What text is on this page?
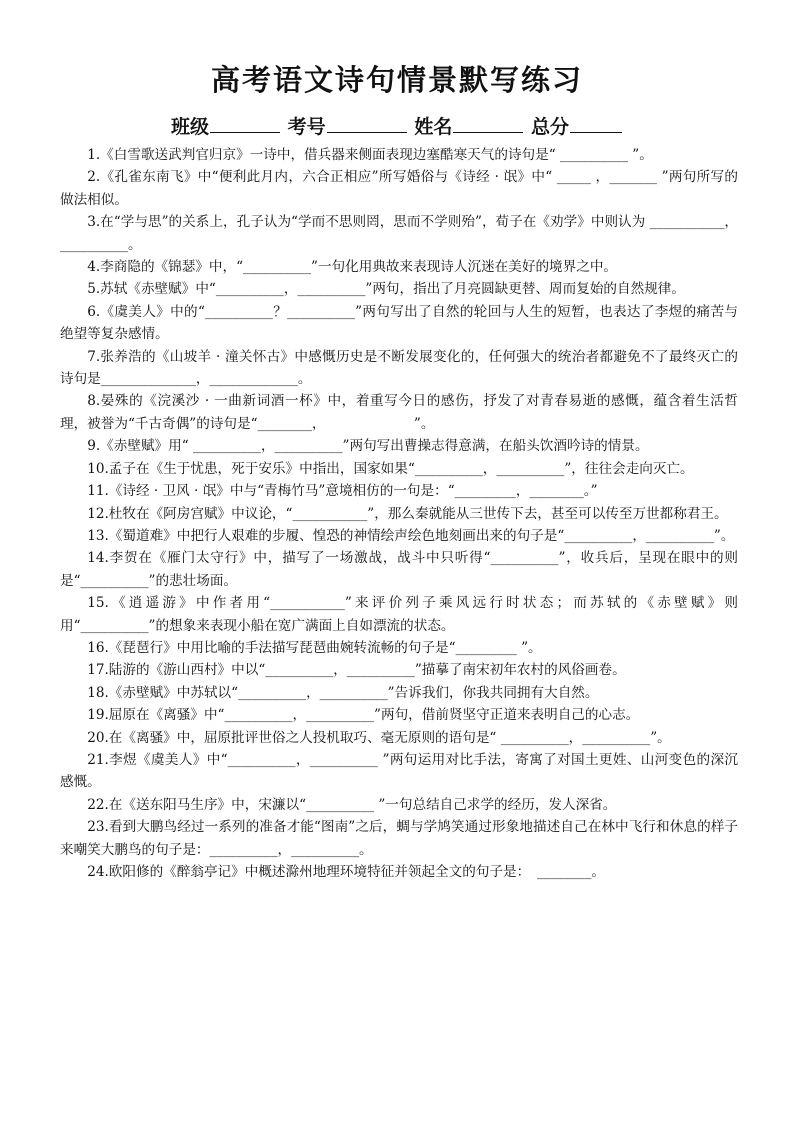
高考语文诗句情景默写练习
班级	考号	姓名	总分

1.《白雪歌送武判官归京》一诗中，借兵器来侧面表现边塞酷寒天气的诗句是“ __________ ”。

2.《孔雀东南飞》中“便利此月内，六合正相应”所写婚俗与《诗经 · 氓》中“ _____ ，_______ ”两句所写的做法相似。

3.在“学与思”的关系上，孔子认为“学而不思则罔，思而不学则殆”，荀子在《劝学》中则认为 ___________，__________。

4.李商隐的《锦瑟》中，“__________”一句化用典故来表现诗人沉迷在美好的境界之中。

5.苏轼《赤壁赋》中“__________，__________”两句，指出了月亮圆缺更替、周而复始的自然规律。

6.《虞美人》中的“__________？__________”两句写出了自然的轮回与人生的短暂，也表达了李煜的痛苦与绝望等复杂感情。

7.张养浩的《山坡羊 · 潼关怀古》中感慨历史是不断发展变化的，任何强大的统治者都避免不了最终灭亡的诗句是______________，_____________。

8.晏殊的《浣溪沙 · 一曲新词酒一杯》中，着重写今日的感伤，抒发了对青春易逝的感慨，蕴含着生活哲理，被誉为“千古奇偶”的诗句是“________，　　　　　　　”。

9.《赤壁赋》用“ __________，__________”两句写出曹操志得意满，在船头饮酒吟诗的情景。

10.孟子在《生于忧患，死于安乐》中指出，国家如果“__________，__________”，往往会走向灭亡。

11.《诗经 · 卫风 · 氓》中与“青梅竹马”意境相仿的一句是：“_________，________。”

12.杜牧在《阿房宫赋》中议论，“___________”，那么秦就能从三世传下去，甚至可以传至万世都称君王。

13.《蜀道难》中把行人艰难的步履、惶恐的神情绘声绘色地刻画出来的句子是“__________，__________”。

14.李贺在《雁门太守行》中，描写了一场激战，战斗中只听得“__________”，收兵后，呈现在眼中的则是“__________”的悲壮场面。

15.《逍遥游》中作者用“___________”来评价列子乘风远行时状态；而苏轼的《赤壁赋》则用“__________”的想象来表现小船在宽广满面上自如漂流的状态。

16.《琵琶行》中用比喻的手法描写琵琶曲婉转流畅的句子是“_________ ”。

17.陆游的《游山西村》中以“__________，__________”描摹了南宋初年农村的风俗画卷。

18.《赤壁赋》中苏轼以“__________，__________”告诉我们，你我共同拥有大自然。

19.屈原在《离骚》中“__________，__________”两句，借前贤坚守正道来表明自己的心志。

20.在《离骚》中，屈原批评世俗之人投机取巧、毫无原则的语句是“ __________，__________”。

21.李煜《虞美人》中“__________，__________ ”两句运用对比手法，寄寓了对国土更姓、山河变色的深沉感慨。

22.在《送东阳马生序》中，宋濂以“__________ ”一句总结自己求学的经历，发人深省。

23.看到大鹏鸟经过一系列的准备才能“图南”之后，蜩与学鸠笑通过形象地描述自己在林中飞行和休息的样子来嘲笑大鹏鸟的句子是：__________，__________。

24.欧阳修的《醉翁亭记》中概述滁州地理环境特征并领起全文的句子是：　________。
